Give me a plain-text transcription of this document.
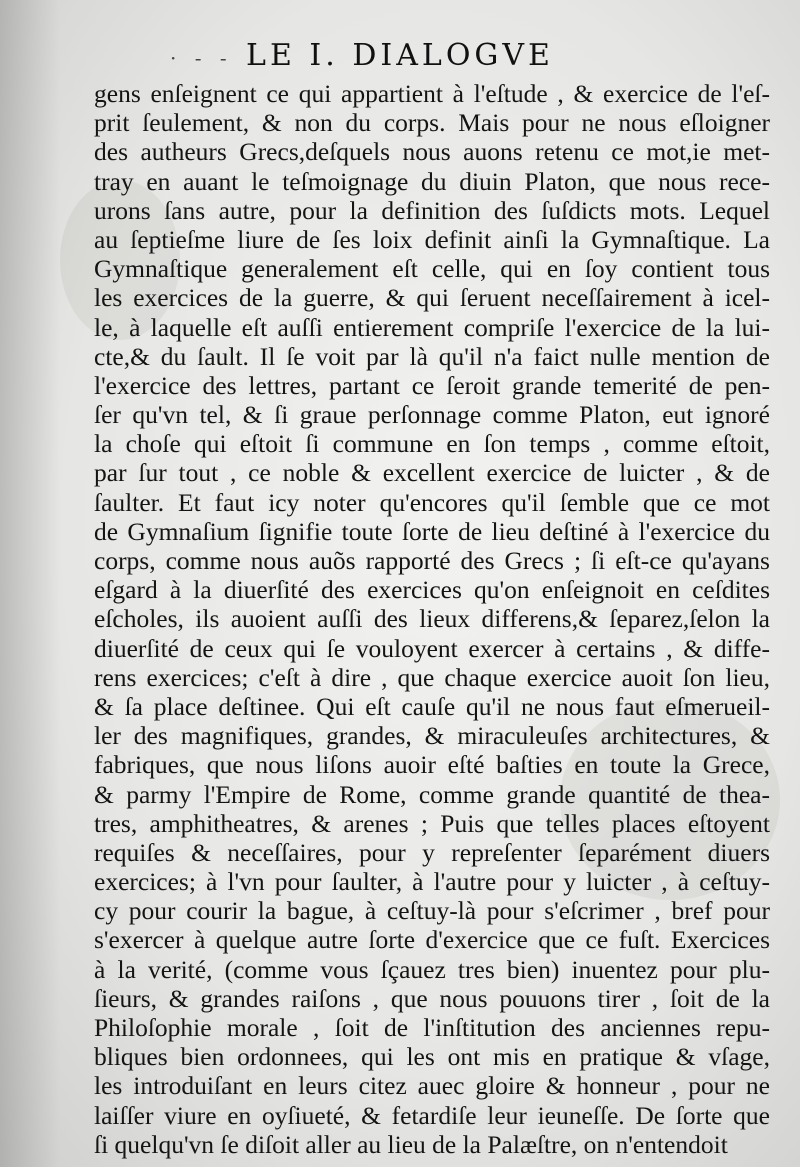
· - - LE I. DIALOGVE
gens enſeignent ce qui appartient à l'eſtude , & exercice de l'eſ-
prit ſeulement, & non du corps. Mais pour ne nous eſloigner
des autheurs Grecs,deſquels nous auons retenu ce mot,ie met-
tray en auant le teſmoignage du diuin Platon, que nous rece-
urons ſans autre, pour la definition des ſuſdicts mots. Lequel
au ſeptieſme liure de ſes loix definit ainſi la Gymnaſtique. La
Gymnaſtique generalement eſt celle, qui en ſoy contient tous
les exercices de la guerre, & qui ſeruent neceſſairement à icel-
le, à laquelle eſt auſſi entierement compriſe l'exercice de la lui-
cte,& du ſault. Il ſe voit par là qu'il n'a faict nulle mention de
l'exercice des lettres, partant ce ſeroit grande temerité de pen-
ſer qu'vn tel, & ſi graue perſonnage comme Platon, eut ignoré
la choſe qui eſtoit ſi commune en ſon temps , comme eſtoit,
par ſur tout , ce noble & excellent exercice de luicter , & de
ſaulter. Et faut icy noter qu'encores qu'il ſemble que ce mot
de Gymnaſium ſignifie toute ſorte de lieu deſtiné à l'exercice du
corps, comme nous auõs rapporté des Grecs ; ſi eſt-ce qu'ayans
eſgard à la diuerſité des exercices qu'on enſeignoit en ceſdites
eſcholes, ils auoient auſſi des lieux differens,& ſeparez,ſelon la
diuerſité de ceux qui ſe vouloyent exercer à certains , & diffe-
rens exercices; c'eſt à dire , que chaque exercice auoit ſon lieu,
& ſa place deſtinee. Qui eſt cauſe qu'il ne nous faut eſmerueil-
ler des magnifiques, grandes, & miraculeuſes architectures, &
fabriques, que nous liſons auoir eſté baſties en toute la Grece,
& parmy l'Empire de Rome, comme grande quantité de thea-
tres, amphitheatres, & arenes ; Puis que telles places eſtoyent
requiſes & neceſſaires, pour y repreſenter ſeparément diuers
exercices; à l'vn pour ſaulter, à l'autre pour y luicter , à ceſtuy-
cy pour courir la bague, à ceſtuy-là pour s'eſcrimer , bref pour
s'exercer à quelque autre ſorte d'exercice que ce fuſt. Exercices
à la verité, (comme vous ſçauez tres bien) inuentez pour plu-
ſieurs, & grandes raiſons , que nous pouuons tirer , ſoit de la
Philoſophie morale , ſoit de l'inſtitution des anciennes repu-
bliques bien ordonnees, qui les ont mis en pratique & vſage,
les introduiſant en leurs citez auec gloire & honneur , pour ne
laiſſer viure en oyſiueté, & fetardiſe leur ieuneſſe. De ſorte que
ſi quelqu'vn ſe diſoit aller au lieu de la Palæſtre, on n'entendoit
